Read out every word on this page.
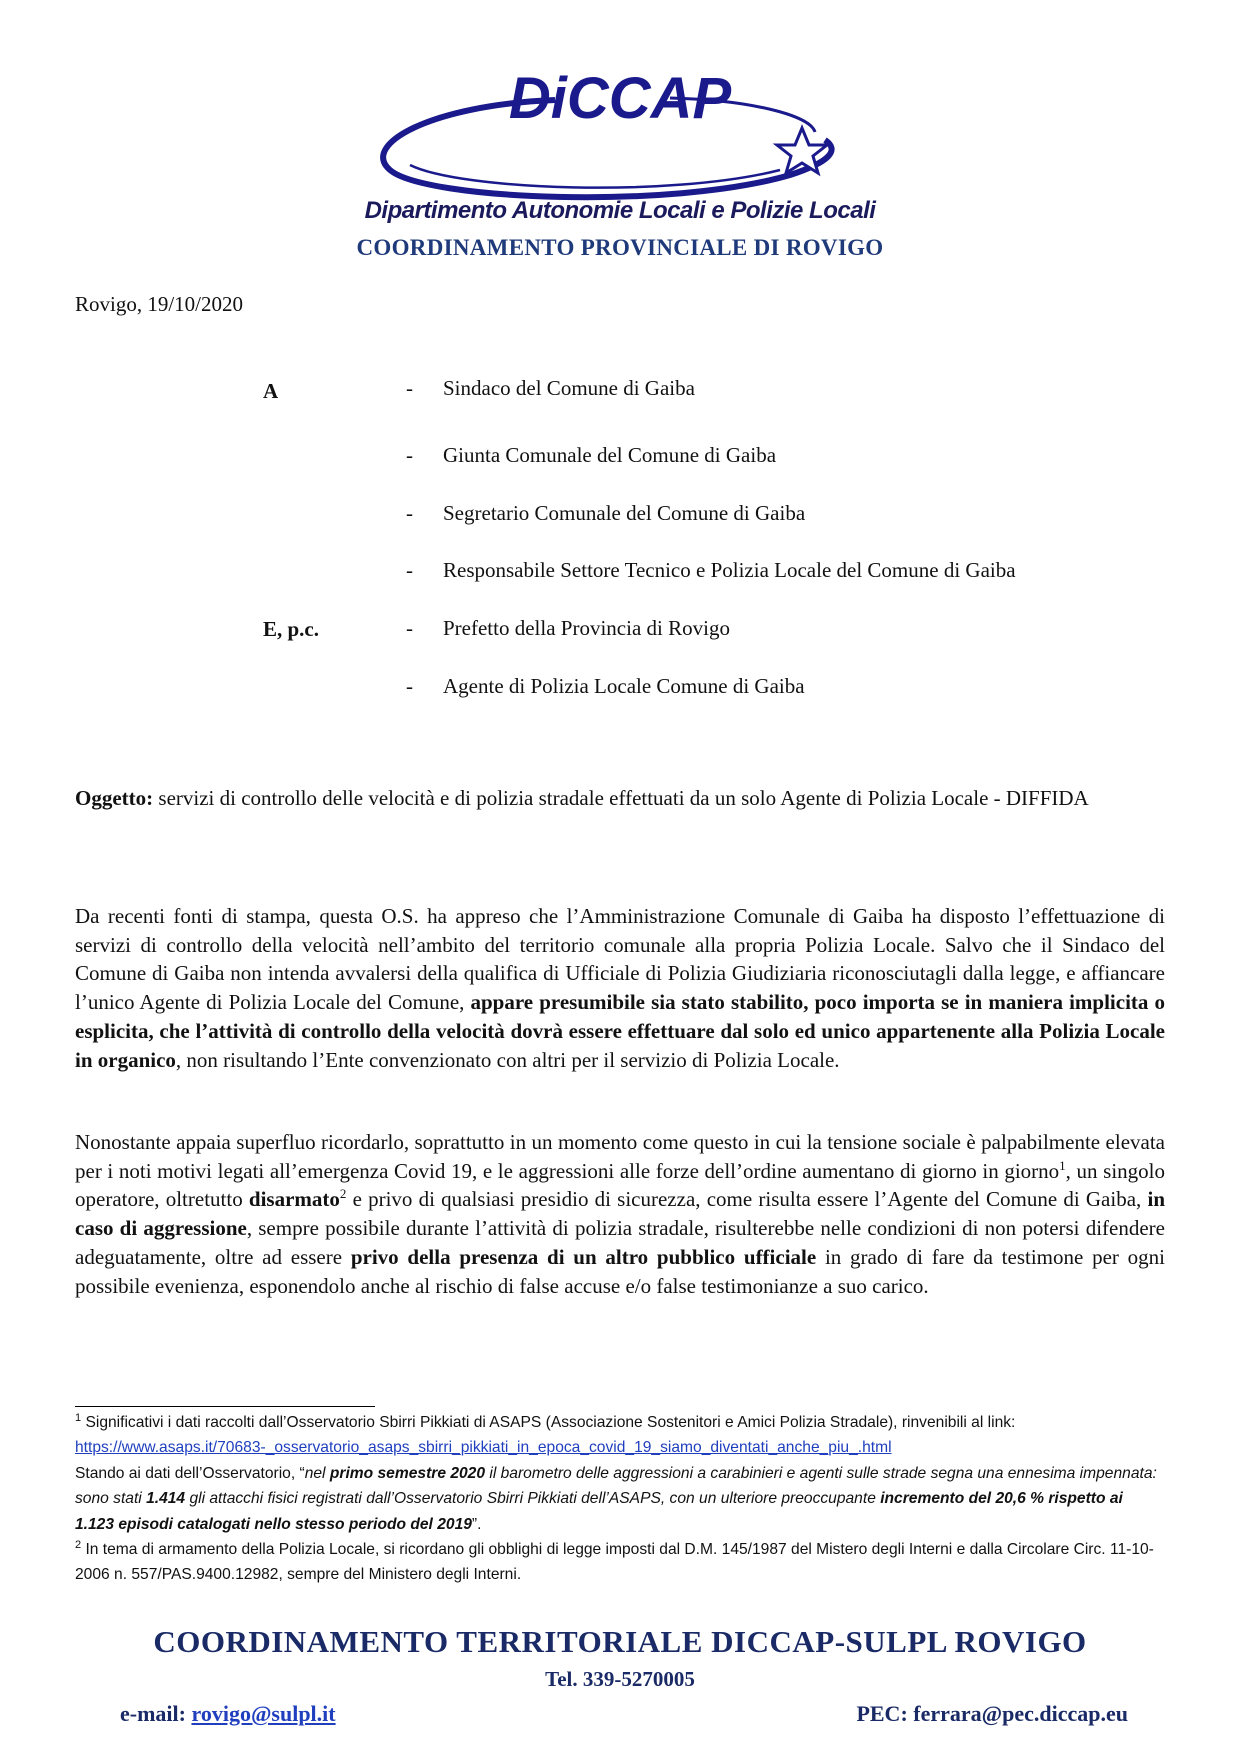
DiCCAP
Dipartimento Autonomie Locali e Polizie Locali
COORDINAMENTO PROVINCIALE DI ROVIGO
Rovigo, 19/10/2020
A	- Sindaco del Comune di Gaiba
- Giunta Comunale del Comune di Gaiba
- Segretario Comunale del Comune di Gaiba
- Responsabile Settore Tecnico e Polizia Locale del Comune di Gaiba
E, p.c.	- Prefetto della Provincia di Rovigo
- Agente di Polizia Locale Comune di Gaiba
Oggetto: servizi di controllo delle velocità e di polizia stradale effettuati da un solo Agente di Polizia Locale - DIFFIDA
Da recenti fonti di stampa, questa O.S. ha appreso che l’Amministrazione Comunale di Gaiba ha disposto l’effettuazione di servizi di controllo della velocità nell’ambito del territorio comunale alla propria Polizia Locale. Salvo che il Sindaco del Comune di Gaiba non intenda avvalersi della qualifica di Ufficiale di Polizia Giudiziaria riconosciutagli dalla legge, e affiancare l’unico Agente di Polizia Locale del Comune, appare presumibile sia stato stabilito, poco importa se in maniera implicita o esplicita, che l’attività di controllo della velocità dovrà essere effettuare dal solo ed unico appartenente alla Polizia Locale in organico, non risultando l’Ente convenzionato con altri per il servizio di Polizia Locale.
Nonostante appaia superfluo ricordarlo, soprattutto in un momento come questo in cui la tensione sociale è palpabilmente elevata per i noti motivi legati all’emergenza Covid 19, e le aggressioni alle forze dell’ordine aumentano di giorno in giorno$^1$, un singolo operatore, oltretutto disarmato$^2$ e privo di qualsiasi presidio di sicurezza, come risulta essere l’Agente del Comune di Gaiba, in caso di aggressione, sempre possibile durante l’attività di polizia stradale, risulterebbe nelle condizioni di non potersi difendere adeguatamente, oltre ad essere privo della presenza di un altro pubblico ufficiale in grado di fare da testimone per ogni possibile evenienza, esponendolo anche al rischio di false accuse e/o false testimonianze a suo carico.
$^1$ Significativi i dati raccolti dall’Osservatorio Sbirri Pikkiati di ASAPS (Associazione Sostenitori e Amici Polizia Stradale), rinvenibili al link: https://www.asaps.it/70683-_osservatorio_asaps_sbirri_pikkiati_in_epoca_covid_19_siamo_diventati_anche_piu_.html
Stando ai dati dell’Osservatorio, “nel primo semestre 2020 il barometro delle aggressioni a carabinieri e agenti sulle strade segna una ennesima impennata: sono stati 1.414 gli attacchi fisici registrati dall’Osservatorio Sbirri Pikkiati dell’ASAPS, con un ulteriore preoccupante incremento del 20,6 % rispetto ai 1.123 episodi catalogati nello stesso periodo del 2019”.
$^2$ In tema di armamento della Polizia Locale, si ricordano gli obblighi di legge imposti dal D.M. 145/1987 del Mistero degli Interni e dalla Circolare Circ. 11-10-2006 n. 557/PAS.9400.12982, sempre del Ministero degli Interni.
COORDINAMENTO TERRITORIALE DICCAP-SULPL ROVIGO
Tel. 339-5270005
e-mail: rovigo@sulpl.it	PEC: ferrara@pec.diccap.eu
